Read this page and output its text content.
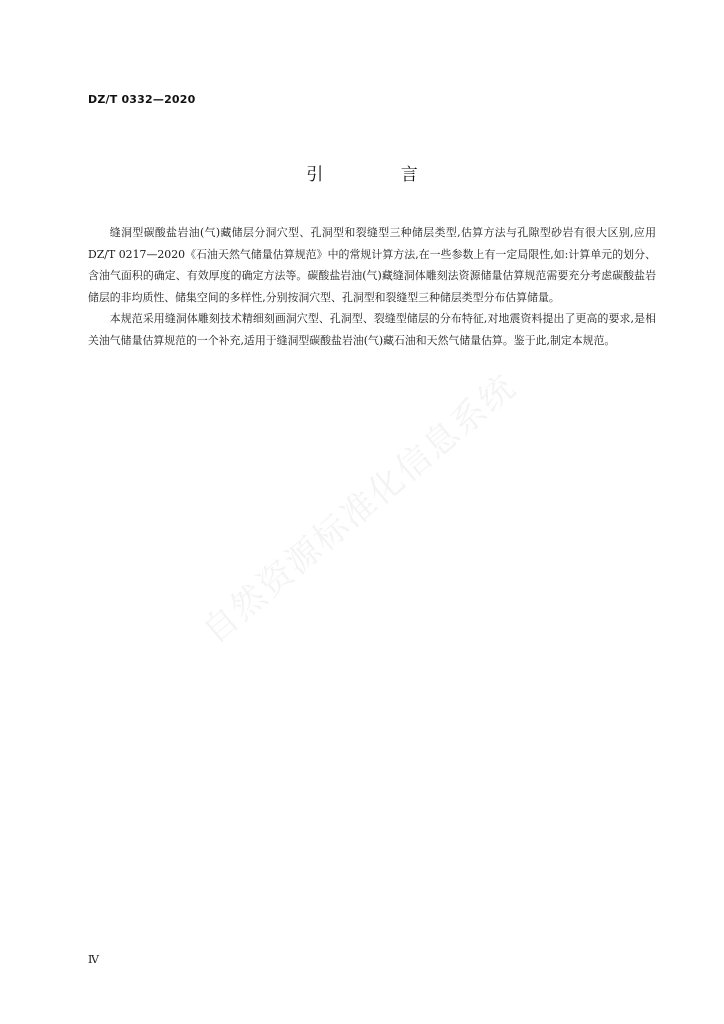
DZ/T 0332—2020
引 言

缝洞型碳酸盐岩油(气)藏储层分洞穴型、孔洞型和裂缝型三种储层类型,估算方法与孔隙型砂岩有很大区别,应用 DZ/T 0217—2020《石油天然气储量估算规范》中的常规计算方法,在一些参数上有一定局限性,如:计算单元的划分、含油气面积的确定、有效厚度的确定方法等。碳酸盐岩油(气)藏缝洞体雕刻法资源储量估算规范需要充分考虑碳酸盐岩储层的非均质性、储集空间的多样性,分别按洞穴型、孔洞型和裂缝型三种储层类型分布估算储量。

本规范采用缝洞体雕刻技术精细刻画洞穴型、孔洞型、裂缝型储层的分布特征,对地震资料提出了更高的要求,是相关油气储量估算规范的一个补充,适用于缝洞型碳酸盐岩油(气)藏石油和天然气储量估算。鉴于此,制定本规范。

自然资源标准化信息系统
Ⅳ
